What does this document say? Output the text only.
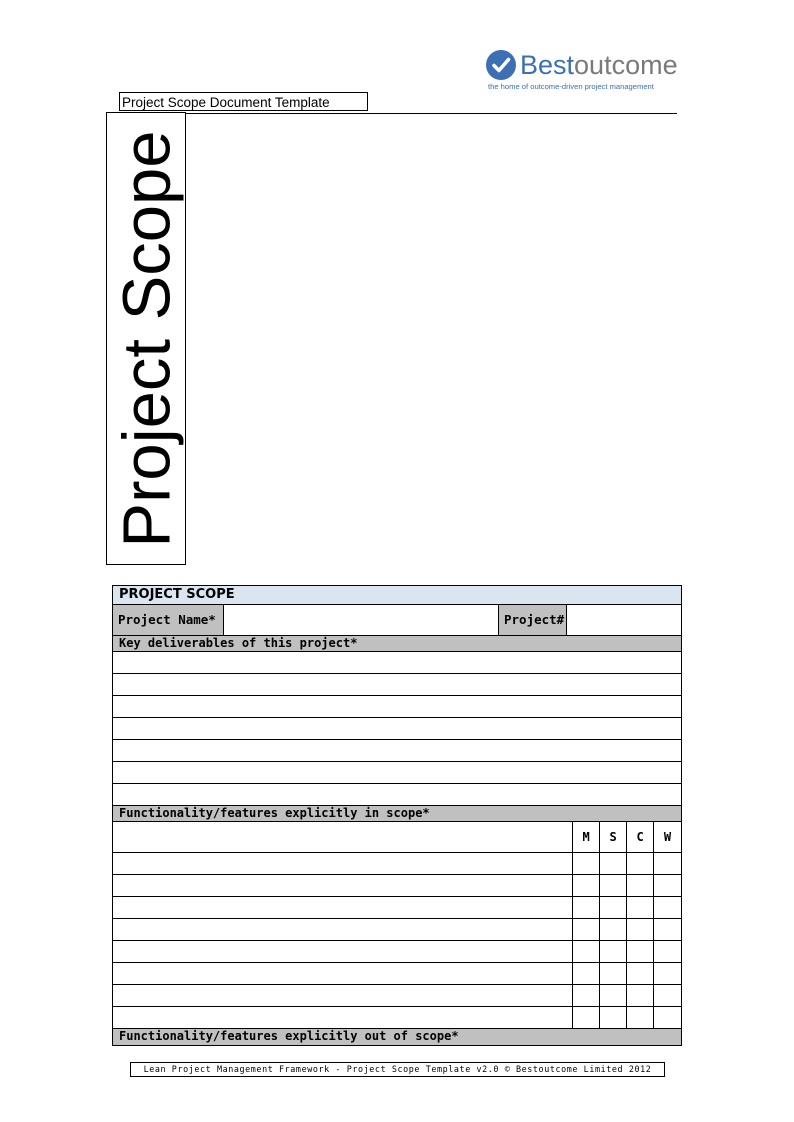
Bestoutcome
the home of outcome-driven project management
Project Scope Document Template
Project Scope
PROJECT SCOPE
Project Name*	Project#
Key deliverables of this project*
Functionality/features explicitly in scope*
M	S	C	W
Functionality/features explicitly out of scope*
Lean Project Management Framework - Project Scope Template v2.0 © Bestoutcome Limited 2012
